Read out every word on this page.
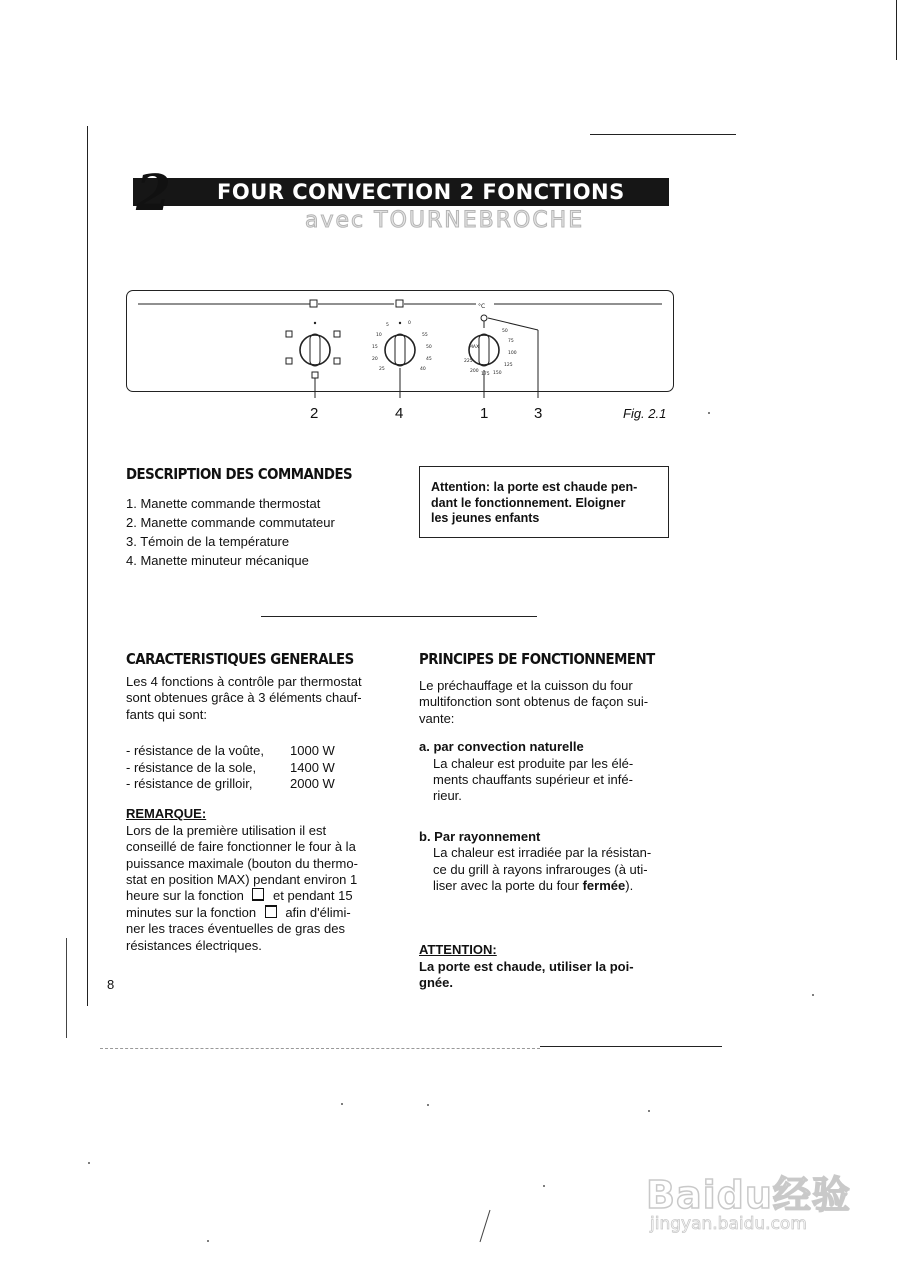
FOUR CONVECTION 2 FONCTIONS
2	avec TOURNEBROCHE
5	0
10	55
15	50
20	45
25	40
MAX
50
75
100
125
150
175
200
225
°C
2	4	1	3	Fig. 2.1
DESCRIPTION DES COMMANDES
1. Manette commande thermostat
2. Manette commande commutateur
3. Témoin de la température
4. Manette minuteur mécanique
Attention: la porte est chaude pen-
dant le fonctionnement. Eloigner
les jeunes enfants
CARACTERISTIQUES GENERALES

Les 4 fonctions à contrôle par thermostat

sont obtenues grâce à 3 éléments chauf-

fants qui sont:

- résistance de la voûte,	1000 W
- résistance de la sole,	1400 W
- résistance de grilloir,	2000 W

REMARQUE:

Lors de la première utilisation il est

conseillé de faire fonctionner le four à la

puissance maximale (bouton du thermo-

stat en position MAX) pendant environ 1

heure sur la fonction et pendant 15

minutes sur la fonction afin d'élimi-

ner les traces éventuelles de gras des

résistances électriques.

PRINCIPES DE FONCTIONNEMENT

Le préchauffage et la cuisson du four

multifonction sont obtenus de façon sui-

vante:

a. par convection naturelle

La chaleur est produite par les élé-

ments chauffants supérieur et infé-

rieur.

b. Par rayonnement

La chaleur est irradiée par la résistan-

ce du grill à rayons infrarouges (à uti-

liser avec la porte du four fermée).

ATTENTION:

La porte est chaude, utiliser la poi-

gnée.

8
Baidu经验
jingyan.baidu.com
